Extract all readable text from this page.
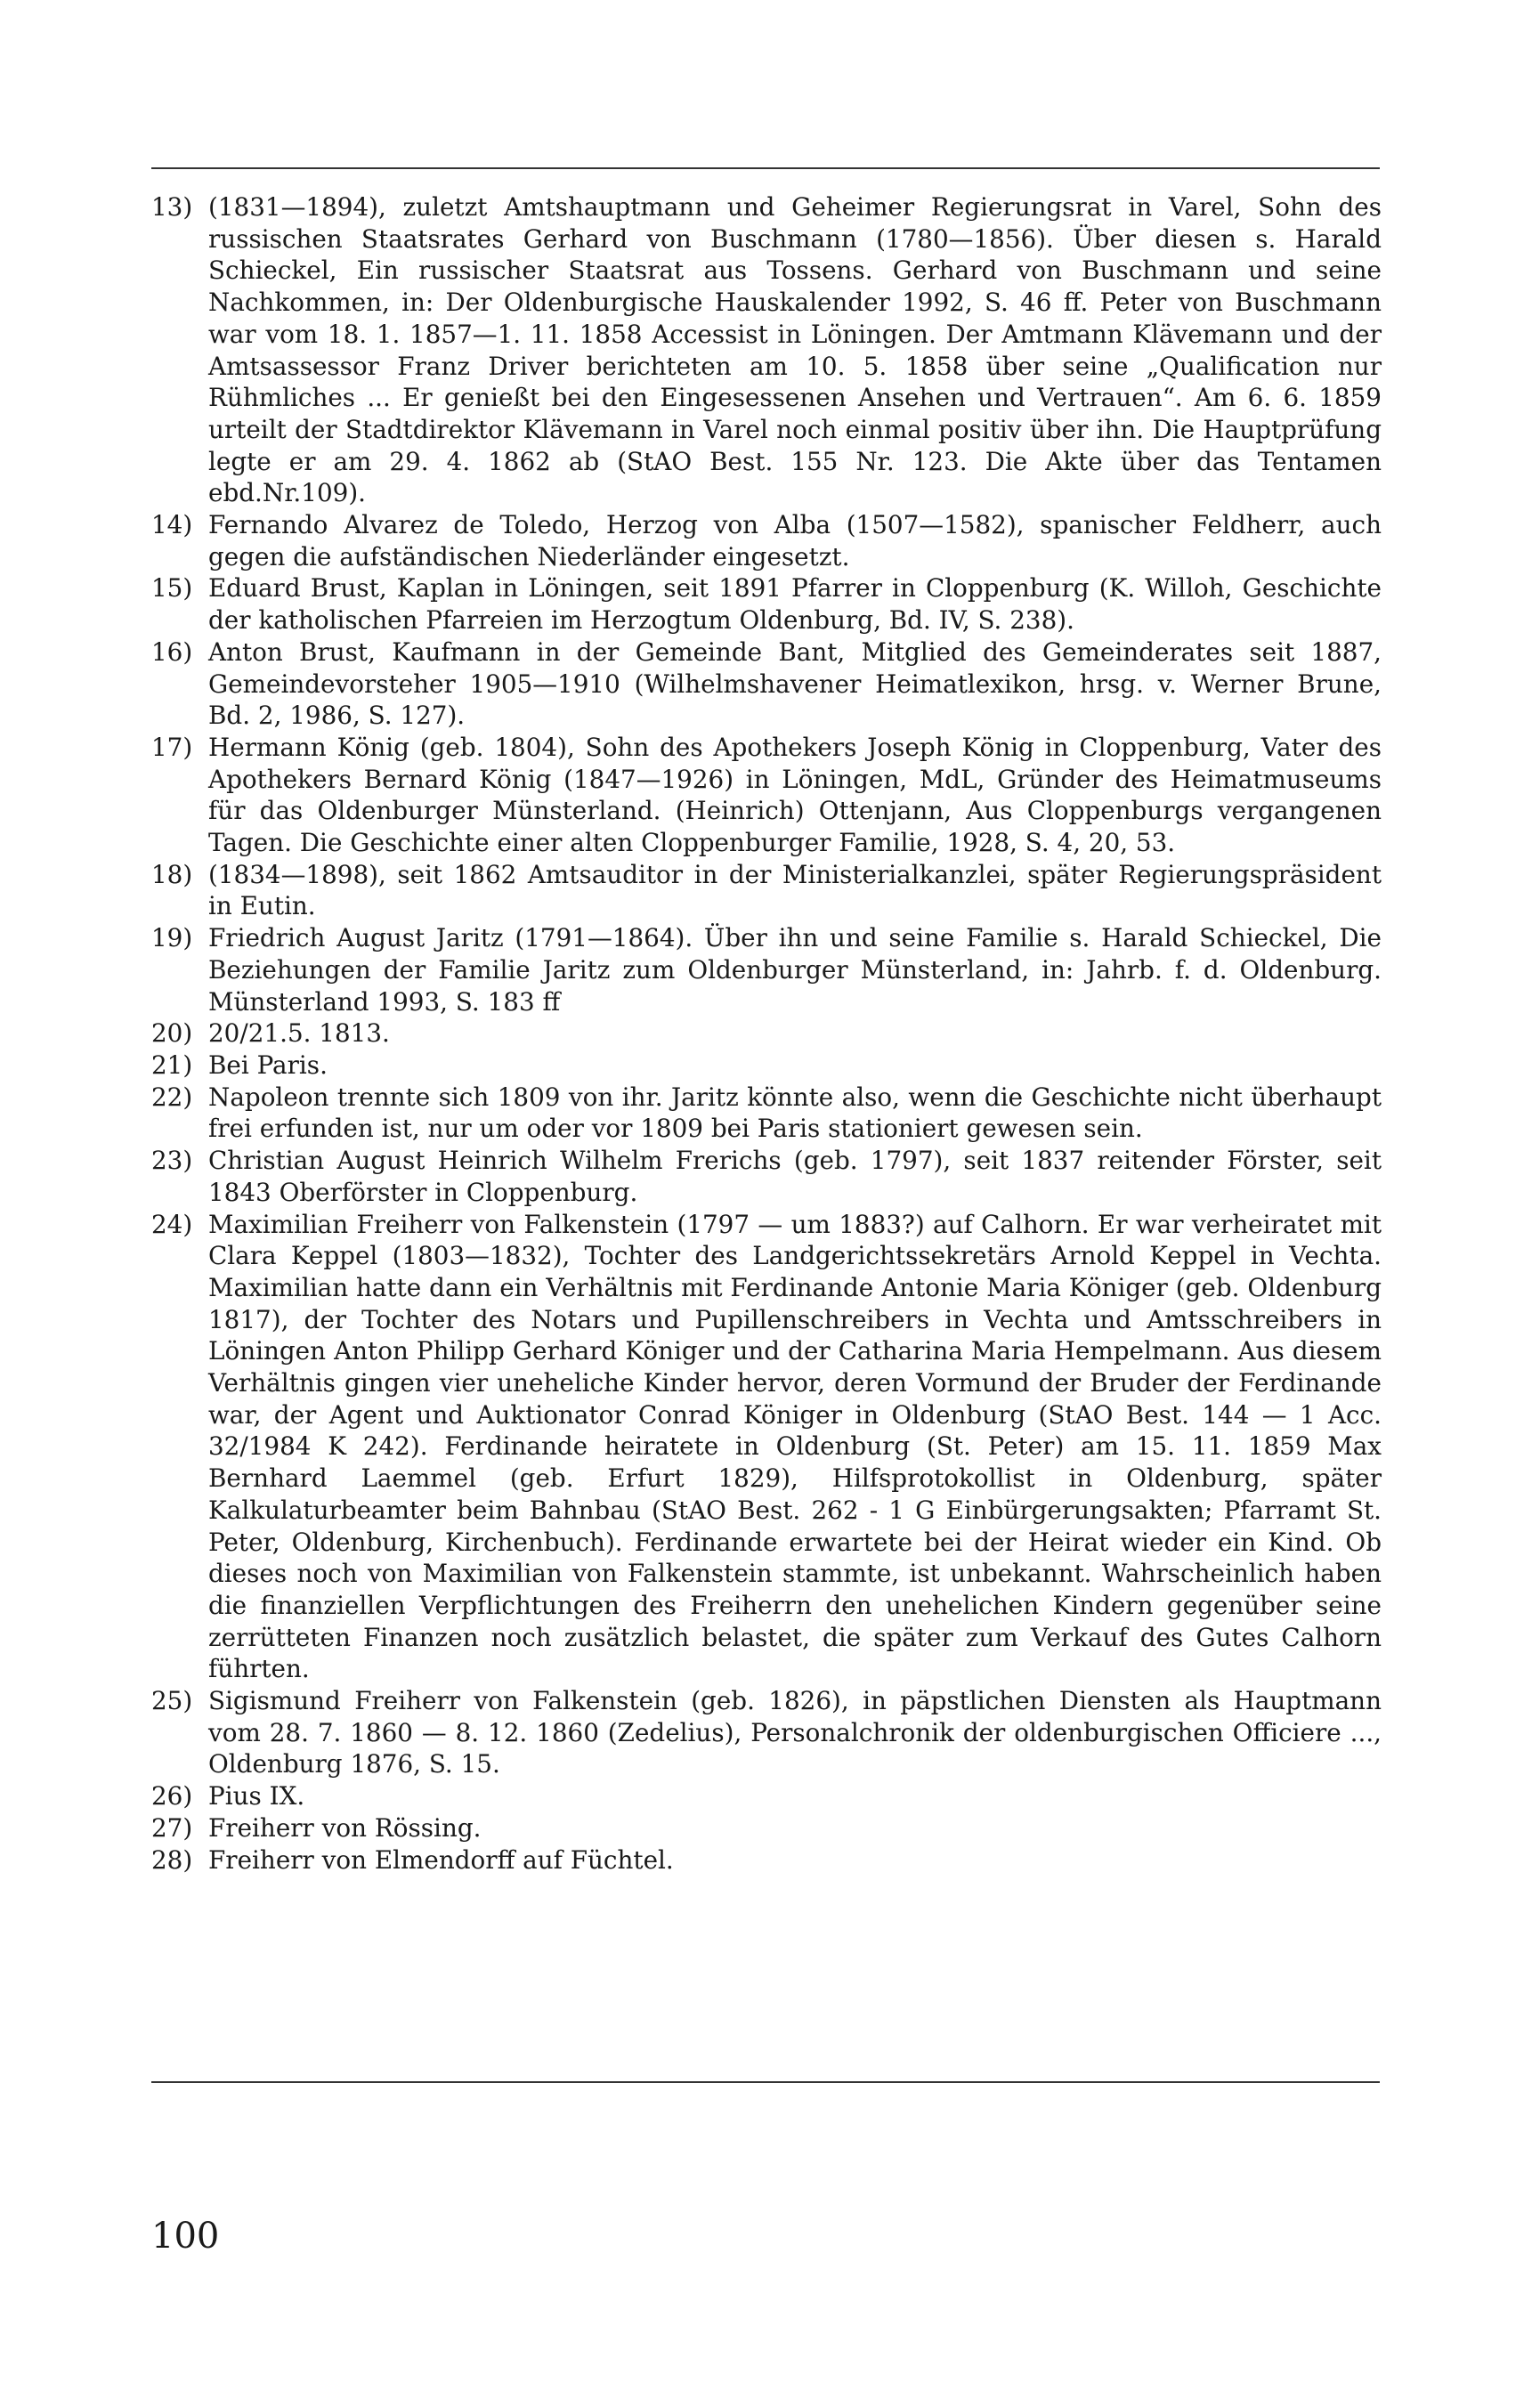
13) (1831—1894), zuletzt Amtshauptmann und Geheimer Regierungsrat in Varel, Sohn des russischen Staatsrates Gerhard von Buschmann (1780—1856). Über diesen s. Harald Schieckel, Ein russischer Staatsrat aus Tossens. Gerhard von Buschmann und seine Nachkommen, in: Der Oldenburgische Hauskalender 1992, S. 46 ff. Peter von Buschmann war vom 18. 1. 1857—1. 11. 1858 Accessist in Löningen. Der Amtmann Klävemann und der Amtsassessor Franz Driver berichteten am 10. 5. 1858 über seine „Qualification nur Rühmliches ... Er genießt bei den Eingesessenen Ansehen und Vertrauen“. Am 6. 6. 1859 urteilt der Stadtdirektor Klävemann in Varel noch einmal positiv über ihn. Die Hauptprüfung legte er am 29. 4. 1862 ab (StAO Best. 155 Nr. 123. Die Akte über das Tentamen ebd.Nr.109).
14) Fernando Alvarez de Toledo, Herzog von Alba (1507—1582), spanischer Feldherr, auch gegen die aufständischen Niederländer eingesetzt.
15) Eduard Brust, Kaplan in Löningen, seit 1891 Pfarrer in Cloppenburg (K. Willoh, Geschichte der katholischen Pfarreien im Herzogtum Oldenburg, Bd. IV, S. 238).
16) Anton Brust, Kaufmann in der Gemeinde Bant, Mitglied des Gemeinderates seit 1887, Gemeindevorsteher 1905—1910 (Wilhelmshavener Heimatlexikon, hrsg. v. Werner Brune, Bd. 2, 1986, S. 127).
17) Hermann König (geb. 1804), Sohn des Apothekers Joseph König in Cloppenburg, Vater des Apothekers Bernard König (1847—1926) in Löningen, MdL, Gründer des Heimatmuseums für das Oldenburger Münsterland. (Heinrich) Ottenjann, Aus Cloppenburgs vergangenen Tagen. Die Geschichte einer alten Cloppenburger Familie, 1928, S. 4, 20, 53.
18) (1834—1898), seit 1862 Amtsauditor in der Ministerialkanzlei, später Regierungspräsident in Eutin.
19) Friedrich August Jaritz (1791—1864). Über ihn und seine Familie s. Harald Schieckel, Die Beziehungen der Familie Jaritz zum Oldenburger Münsterland, in: Jahrb. f. d. Oldenburg. Münsterland 1993, S. 183 ff
20) 20/21.5. 1813.
21) Bei Paris.
22) Napoleon trennte sich 1809 von ihr. Jaritz könnte also, wenn die Geschichte nicht überhaupt frei erfunden ist, nur um oder vor 1809 bei Paris stationiert gewesen sein.
23) Christian August Heinrich Wilhelm Frerichs (geb. 1797), seit 1837 reitender Förster, seit 1843 Oberförster in Cloppenburg.
24) Maximilian Freiherr von Falkenstein (1797 — um 1883?) auf Calhorn. Er war verheiratet mit Clara Keppel (1803—1832), Tochter des Landgerichtssekretärs Arnold Keppel in Vechta. Maximilian hatte dann ein Verhältnis mit Ferdinande Antonie Maria Königer (geb. Oldenburg 1817), der Tochter des Notars und Pupillenschreibers in Vechta und Amtsschreibers in Löningen Anton Philipp Gerhard Königer und der Catharina Maria Hempelmann. Aus diesem Verhältnis gingen vier uneheliche Kinder hervor, deren Vormund der Bruder der Ferdinande war, der Agent und Auktionator Conrad Königer in Oldenburg (StAO Best. 144 — 1 Acc. 32/1984 K 242). Ferdinande heiratete in Oldenburg (St. Peter) am 15. 11. 1859 Max Bernhard Laemmel (geb. Erfurt 1829), Hilfsprotokollist in Oldenburg, später Kalkulaturbeamter beim Bahnbau (StAO Best. 262 - 1 G Einbürgerungsakten; Pfarramt St. Peter, Oldenburg, Kirchenbuch). Ferdinande erwartete bei der Heirat wieder ein Kind. Ob dieses noch von Maximilian von Falkenstein stammte, ist unbekannt. Wahrscheinlich haben die finanziellen Verpflichtungen des Freiherrn den unehelichen Kindern gegenüber seine zerrütteten Finanzen noch zusätzlich belastet, die später zum Verkauf des Gutes Calhorn führten.
25) Sigismund Freiherr von Falkenstein (geb. 1826), in päpstlichen Diensten als Hauptmann vom 28. 7. 1860 — 8. 12. 1860 (Zedelius), Personalchronik der oldenburgischen Officiere ..., Oldenburg 1876, S. 15.
26) Pius IX.
27) Freiherr von Rössing.
28) Freiherr von Elmendorff auf Füchtel.
100
